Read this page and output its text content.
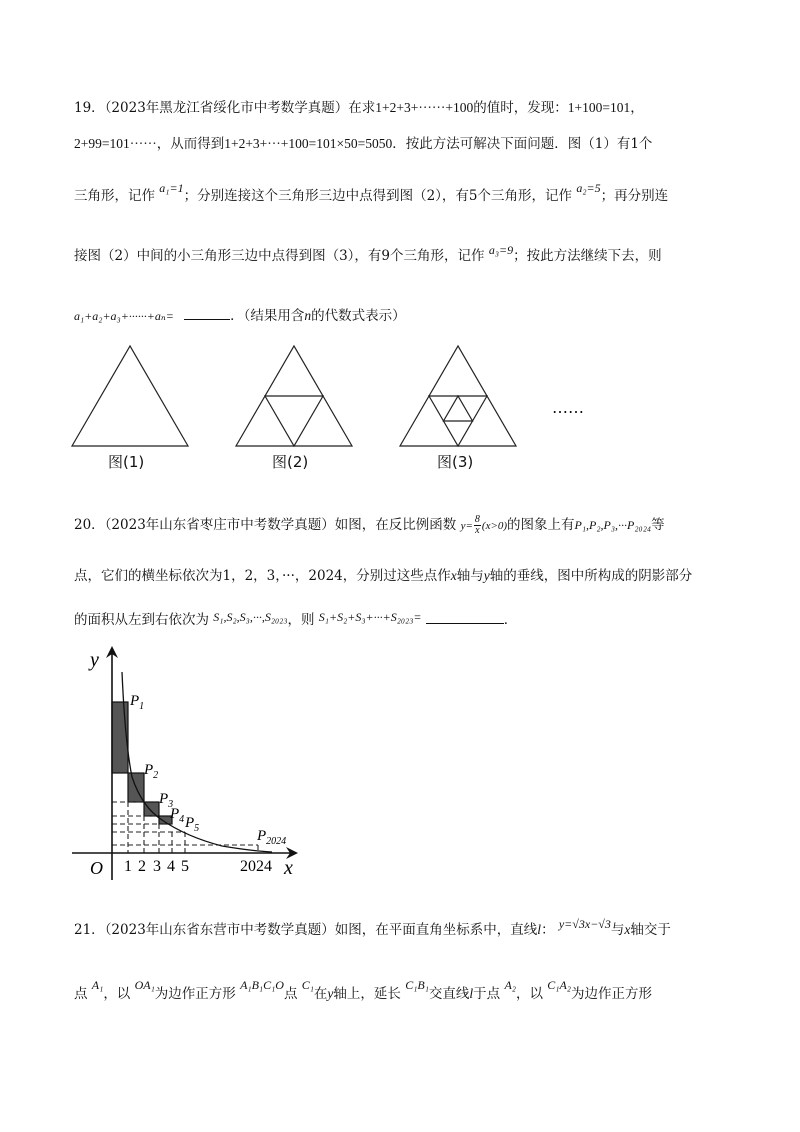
19．（2023年黑龙江省绥化市中考数学真题）在求1+2+3+······+100的值时，发现：1+100=101，
2+99=101······，从而得到1+2+3+···+100=101×50=5050．按此方法可解决下面问题．图（1）有1个
三角形，记作 a₁=1；分别连接这个三角形三边中点得到图（2），有5个三角形，记作 a₂=5；再分别连
接图（2）中间的小三角形三边中点得到图（3），有9个三角形，记作 a₃=9；按此方法继续下去，则
a₁+a₂+a₃+······+aₙ=	．（结果用含n的代数式表示）
图(1)	图(2)	图(3)
……
20．（2023年山东省枣庄市中考数学真题）如图，在反比例函数 $y= \frac{8}{x} (x>0)$的图象上有P₁,P₂,P₃,···P₂₀₂₄等
点，它们的横坐标依次为1，2，3，···，2024，分别过这些点作x轴与y轴的垂线，图中所构成的阴影部分
的面积从左到右依次为 S₁,S₂,S₃,···,S₂₀₂₃，则 S₁+S₂+S₃+···+S₂₀₂₃=	．
y
x
O 1 2 3 4 5	2024
$P_1$
$P_2$
$P_3$
$P_4$ $P_5$	$P_{2024}$
21．（2023年山东省东营市中考数学真题）如图，在平面直角坐标系中，直线l： y=√3x−√3与x轴交于
点 A₁，以 OA₁为边作正方形 A₁B₁C₁O点 C₁在y轴上，延长 C₁B₁交直线l于点 A₂，以 C₁A₂为边作正方形
